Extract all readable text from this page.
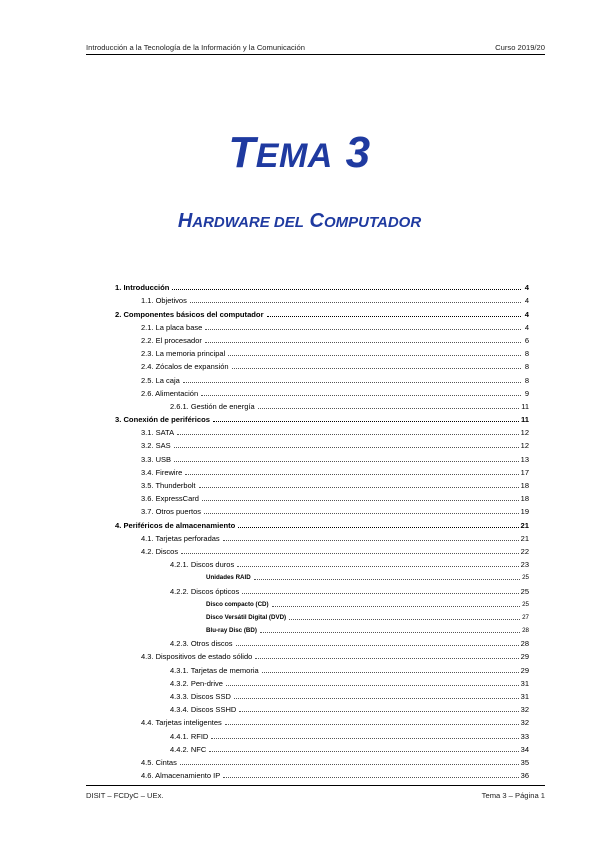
Introducción a la Tecnología de la Información y la Comunicación	Curso 2019/20
TEMA 3
HARDWARE DEL COMPUTADOR
1. Introducción	4
1.1. Objetivos	4
2. Componentes básicos del computador	4
2.1. La placa base	4
2.2. El procesador	6
2.3. La memoria principal	8
2.4. Zócalos de expansión	8
2.5. La caja	8
2.6. Alimentación	9
2.6.1. Gestión de energía	11
3. Conexión de periféricos	11
3.1. SATA	12
3.2. SAS	12
3.3. USB	13
3.4. Firewire	17
3.5. Thunderbolt	18
3.6. ExpressCard	18
3.7. Otros puertos	19
4. Periféricos de almacenamiento	21
4.1. Tarjetas perforadas	21
4.2. Discos	22
4.2.1. Discos duros	23
Unidades RAID	25
4.2.2. Discos ópticos	25
Disco compacto (CD)	25
Disco Versátil Digital (DVD)	27
Blu-ray Disc (BD)	28
4.2.3. Otros discos	28
4.3. Dispositivos de estado sólido	29
4.3.1. Tarjetas de memoria	29
4.3.2. Pen-drive	31
4.3.3. Discos SSD	31
4.3.4. Discos SSHD	32
4.4. Tarjetas inteligentes	32
4.4.1. RFID	33
4.4.2. NFC	34
4.5. Cintas	35
4.6. Almacenamiento IP	36
DISIT – FCDyC – UEx.	Tema 3 – Página 1
